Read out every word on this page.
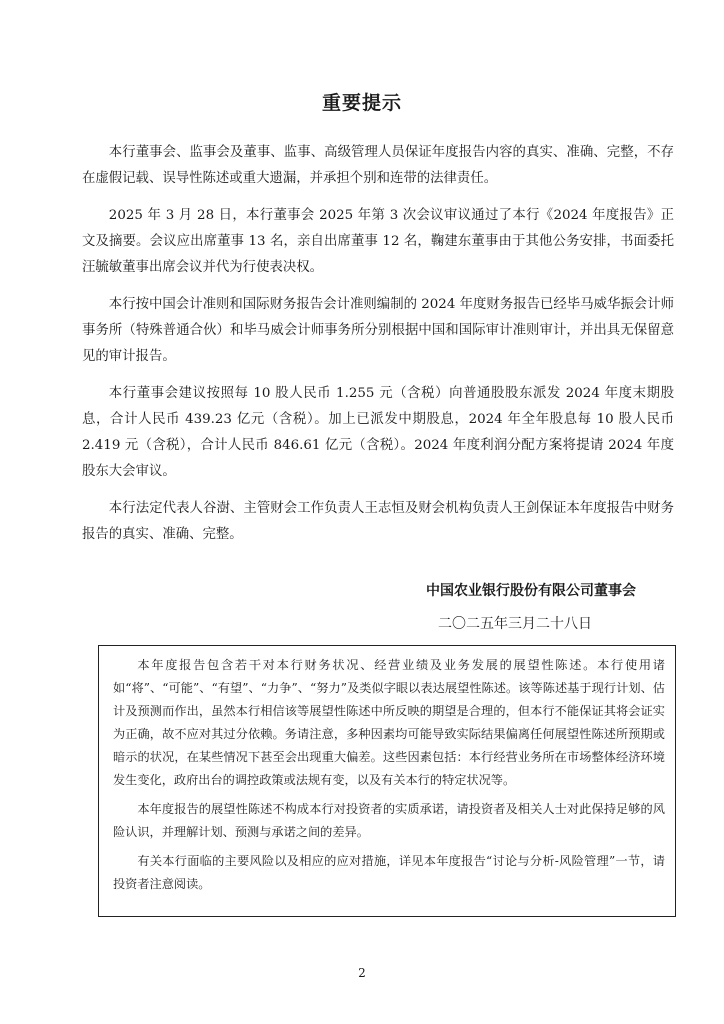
重要提示

本行董事会、监事会及董事、监事、高级管理人员保证年度报告内容的真实、准确、完整，不存在虚假记载、误导性陈述或重大遗漏，并承担个别和连带的法律责任。

2025 年 3 月 28 日，本行董事会 2025 年第 3 次会议审议通过了本行《2024 年度报告》正文及摘要。会议应出席董事 13 名，亲自出席董事 12 名，鞠建东董事由于其他公务安排，书面委托汪毓敏董事出席会议并代为行使表决权。

本行按中国会计准则和国际财务报告会计准则编制的 2024 年度财务报告已经毕马威华振会计师事务所（特殊普通合伙）和毕马威会计师事务所分别根据中国和国际审计准则审计，并出具无保留意见的审计报告。

本行董事会建议按照每 10 股人民币 1.255 元（含税）向普通股股东派发 2024 年度末期股息，合计人民币 439.23 亿元（含税）。加上已派发中期股息，2024 年全年股息每 10 股人民币 2.419 元（含税），合计人民币 846.61 亿元（含税）。2024 年度利润分配方案将提请 2024 年度股东大会审议。

本行法定代表人谷澍、主管财会工作负责人王志恒及财会机构负责人王剑保证本年度报告中财务报告的真实、准确、完整。

中国农业银行股份有限公司董事会
二〇二五年三月二十八日

本年度报告包含若干对本行财务状况、经营业绩及业务发展的展望性陈述。本行使用诸如“将”、“可能”、“有望”、“力争”、“努力”及类似字眼以表达展望性陈述。该等陈述基于现行计划、估计及预测而作出，虽然本行相信该等展望性陈述中所反映的期望是合理的，但本行不能保证其将会证实为正确，故不应对其过分依赖。务请注意，多种因素均可能导致实际结果偏离任何展望性陈述所预期或暗示的状况，在某些情况下甚至会出现重大偏差。这些因素包括：本行经营业务所在市场整体经济环境发生变化，政府出台的调控政策或法规有变，以及有关本行的特定状况等。

本年度报告的展望性陈述不构成本行对投资者的实质承诺，请投资者及相关人士对此保持足够的风险认识，并理解计划、预测与承诺之间的差异。

有关本行面临的主要风险以及相应的应对措施，详见本年度报告“讨论与分析-风险管理”一节，请投资者注意阅读。

2
